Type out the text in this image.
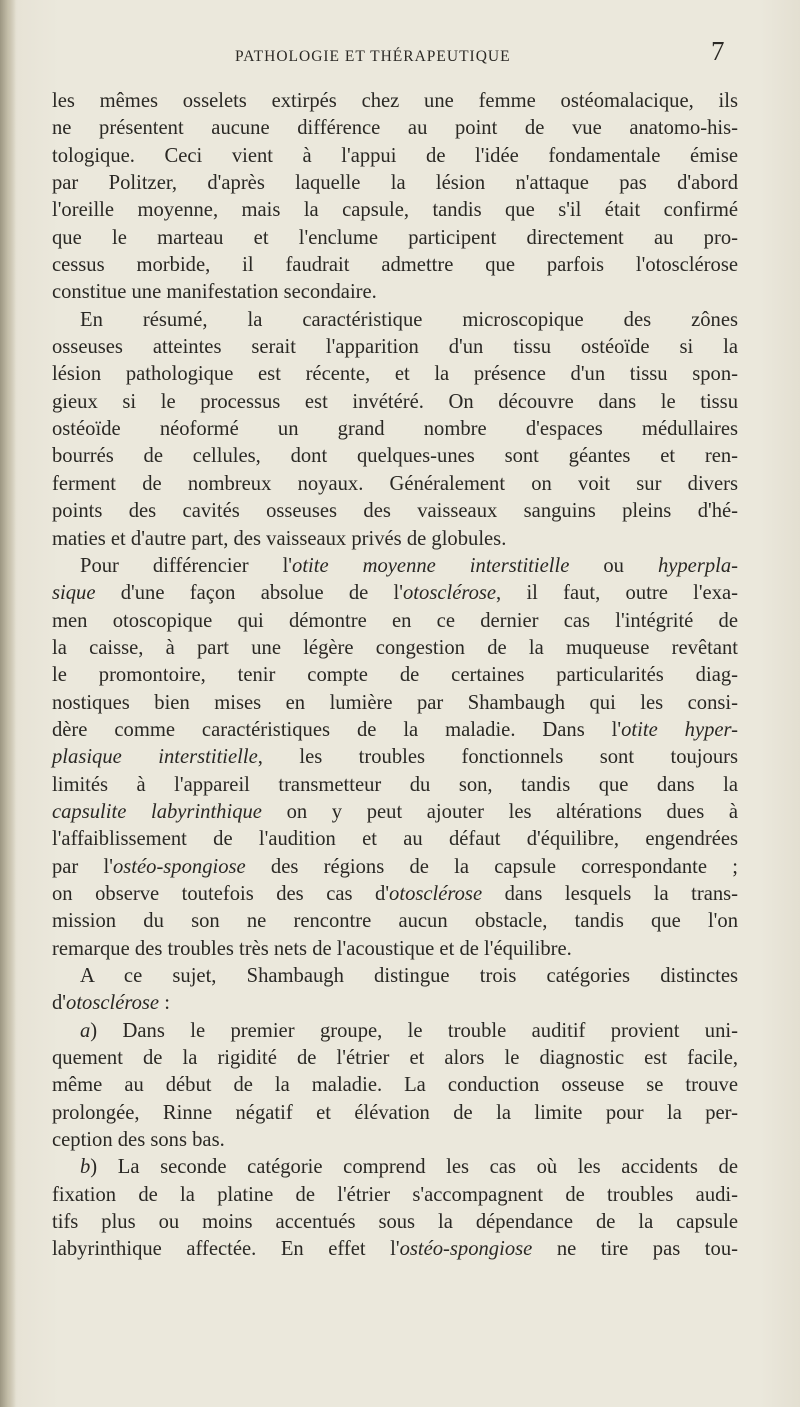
PATHOLOGIE ET THÉRAPEUTIQUE	7
les mêmes osselets extirpés chez une femme ostéomalacique, ils
ne présentent aucune différence au point de vue anatomo-his-
tologique. Ceci vient à l'appui de l'idée fondamentale émise
par Politzer, d'après laquelle la lésion n'attaque pas d'abord
l'oreille moyenne, mais la capsule, tandis que s'il était confirmé
que le marteau et l'enclume participent directement au pro-
cessus morbide, il faudrait admettre que parfois l'otosclérose
constitue une manifestation secondaire.
En résumé, la caractéristique microscopique des zônes
osseuses atteintes serait l'apparition d'un tissu ostéoïde si la
lésion pathologique est récente, et la présence d'un tissu spon-
gieux si le processus est invétéré. On découvre dans le tissu
ostéoïde néoformé un grand nombre d'espaces médullaires
bourrés de cellules, dont quelques-unes sont géantes et ren-
ferment de nombreux noyaux. Généralement on voit sur divers
points des cavités osseuses des vaisseaux sanguins pleins d'hé-
maties et d'autre part, des vaisseaux privés de globules.
Pour différencier l'otite moyenne interstitielle ou hyperpla-
sique d'une façon absolue de l'otosclérose, il faut, outre l'exa-
men otoscopique qui démontre en ce dernier cas l'intégrité de
la caisse, à part une légère congestion de la muqueuse revêtant
le promontoire, tenir compte de certaines particularités diag-
nostiques bien mises en lumière par Shambaugh qui les consi-
dère comme caractéristiques de la maladie. Dans l'otite hyper-
plasique interstitielle, les troubles fonctionnels sont toujours
limités à l'appareil transmetteur du son, tandis que dans la
capsulite labyrinthique on y peut ajouter les altérations dues à
l'affaiblissement de l'audition et au défaut d'équilibre, engendrées
par l'ostéo-spongiose des régions de la capsule correspondante ;
on observe toutefois des cas d'otosclérose dans lesquels la trans-
mission du son ne rencontre aucun obstacle, tandis que l'on
remarque des troubles très nets de l'acoustique et de l'équilibre.
A ce sujet, Shambaugh distingue trois catégories distinctes
d'otosclérose :
a) Dans le premier groupe, le trouble auditif provient uni-
quement de la rigidité de l'étrier et alors le diagnostic est facile,
même au début de la maladie. La conduction osseuse se trouve
prolongée, Rinne négatif et élévation de la limite pour la per-
ception des sons bas.
b) La seconde catégorie comprend les cas où les accidents de
fixation de la platine de l'étrier s'accompagnent de troubles audi-
tifs plus ou moins accentués sous la dépendance de la capsule
labyrinthique affectée. En effet l'ostéo-spongiose ne tire pas tou-
